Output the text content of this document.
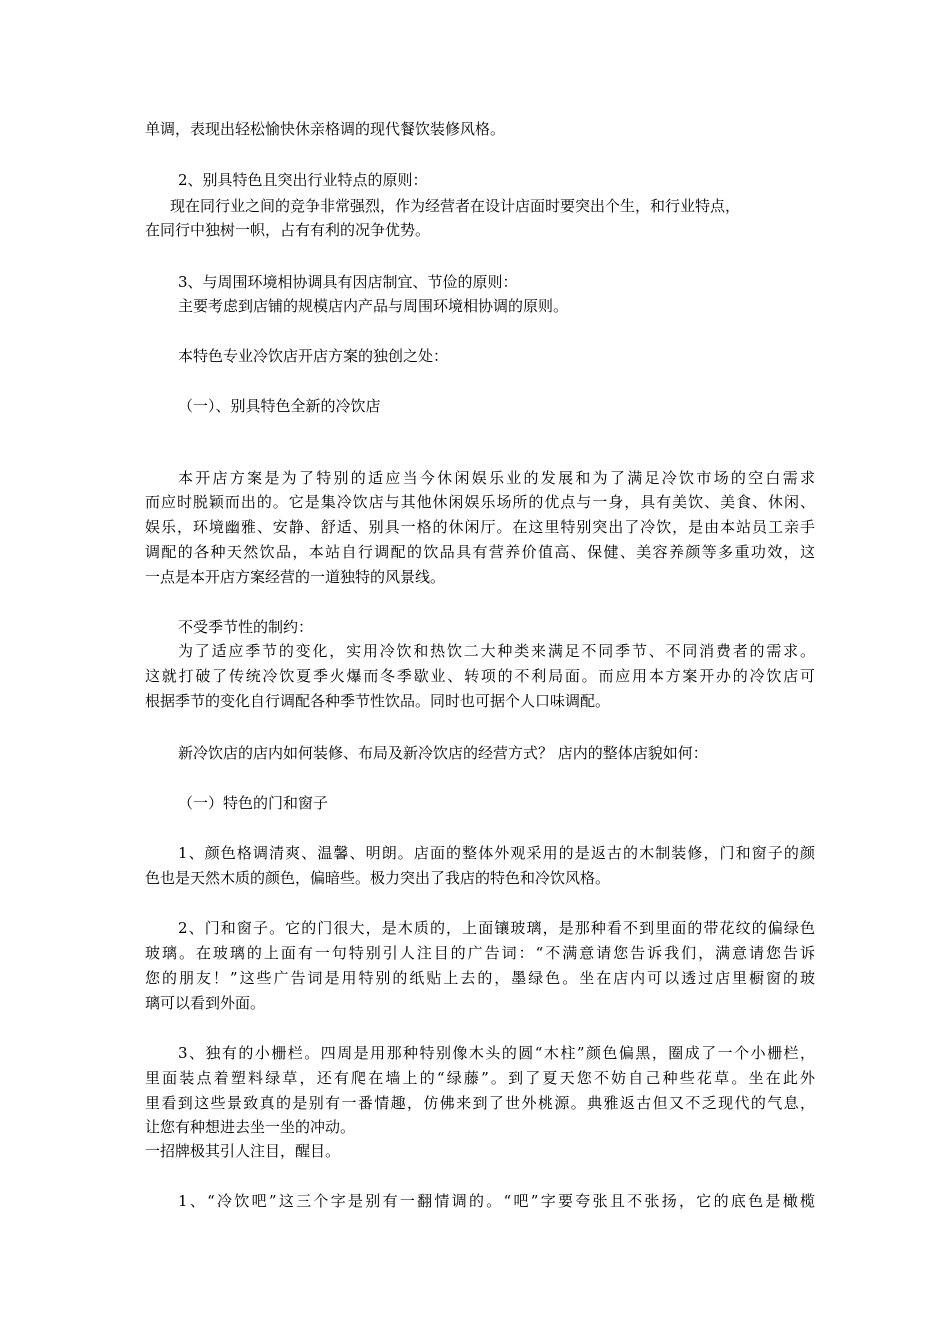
单调，表现出轻松愉快休亲格调的现代餐饮装修风格。
2、别具特色且突出行业特点的原则：
现在同行业之间的竞争非常强烈，作为经营者在设计店面时要突出个生，和行业特点，
在同行中独树一帜，占有有利的况争优势。
3、与周围环境相协调具有因店制宜、节俭的原则：
主要考虑到店铺的规模店内产品与周围环境相协调的原则。
本特色专业冷饮店开店方案的独创之处：
（一）、别具特色全新的冷饮店
本开店方案是为了特别的适应当今休闲娱乐业的发展和为了满足冷饮市场的空白需求
而应时脱颖而出的。它是集冷饮店与其他休闲娱乐场所的优点与一身，具有美饮、美食、休闲、
娱乐，环境幽雅、安静、舒适、别具一格的休闲厅。在这里特别突出了冷饮，是由本站员工亲手
调配的各种天然饮品，本站自行调配的饮品具有营养价值高、保健、美容养颜等多重功效，这
一点是本开店方案经营的一道独特的风景线。
不受季节性的制约：
为了适应季节的变化，实用冷饮和热饮二大种类来满足不同季节、不同消费者的需求。
这就打破了传统冷饮夏季火爆而冬季歇业、转项的不利局面。而应用本方案开办的冷饮店可
根据季节的变化自行调配各种季节性饮品。同时也可据个人口味调配。
新冷饮店的店内如何装修、布局及新冷饮店的经营方式？ 店内的整体店貌如何：
（一）特色的门和窗子
1、颜色格调清爽、温馨、明朗。店面的整体外观采用的是返古的木制装修，门和窗子的颜
色也是天然木质的颜色，偏暗些。极力突出了我店的特色和冷饮风格。
2、门和窗子。它的门很大，是木质的，上面镶玻璃，是那种看不到里面的带花纹的偏绿色
玻璃。在玻璃的上面有一句特别引人注目的广告词：“不满意请您告诉我们，满意请您告诉
您的朋友！”这些广告词是用特别的纸贴上去的，墨绿色。坐在店内可以透过店里橱窗的玻
璃可以看到外面。
3、独有的小栅栏。四周是用那种特别像木头的圆“木柱”颜色偏黑，圈成了一个小栅栏，
里面装点着塑料绿草，还有爬在墙上的“绿藤”。到了夏天您不妨自己种些花草。坐在此外
里看到这些景致真的是别有一番情趣，仿佛来到了世外桃源。典雅返古但又不乏现代的气息，
让您有种想进去坐一坐的冲动。
一招牌极其引人注目，醒目。
1、“冷饮吧”这三个字是别有一翻情调的。“吧”字要夸张且不张扬，它的底色是橄榄
